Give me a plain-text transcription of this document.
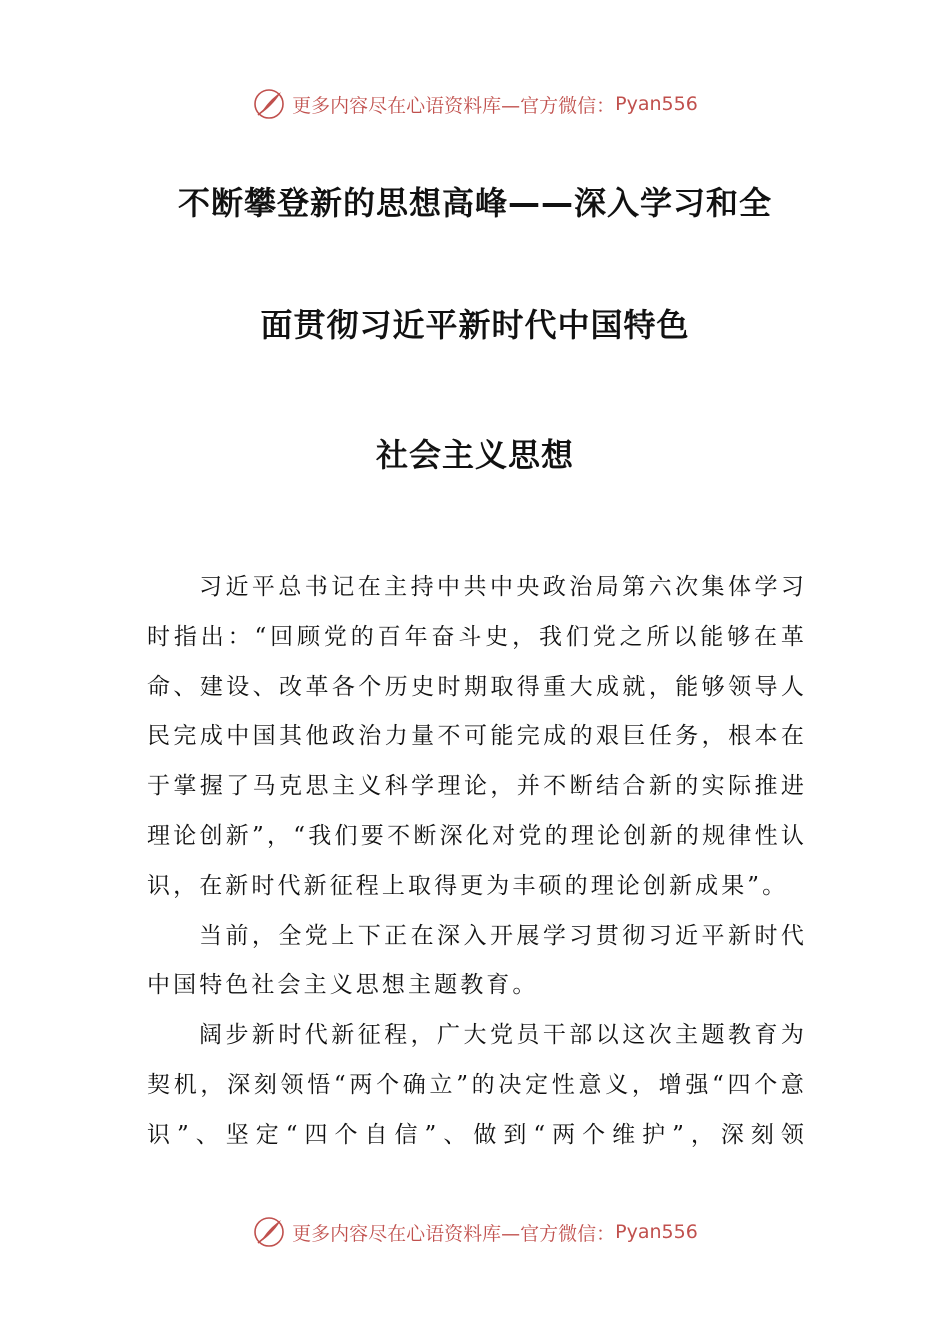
更多内容尽在心语资料库—官方微信： Pyan556
不断攀登新的思想高峰——深入学习和全
面贯彻习近平新时代中国特色
社会主义思想

习近平总书记在主持中共中央政治局第六次集体学习时指出：“回顾党的百年奋斗史，我们党之所以能够在革命、建设、改革各个历史时期取得重大成就，能够领导人民完成中国其他政治力量不可能完成的艰巨任务，根本在于掌握了马克思主义科学理论，并不断结合新的实际推进理论创新”，“我们要不断深化对党的理论创新的规律性认识，在新时代新征程上取得更为丰硕的理论创新成果”。

当前，全党上下正在深入开展学习贯彻习近平新时代中国特色社会主义思想主题教育。

阔步新时代新征程，广大党员干部以这次主题教育为契机，深刻领悟“两个确立”的决定性意义，增强“四个意识”、坚定“四个自信”、做到“两个维护”，深刻领

更多内容尽在心语资料库—官方微信： Pyan556
